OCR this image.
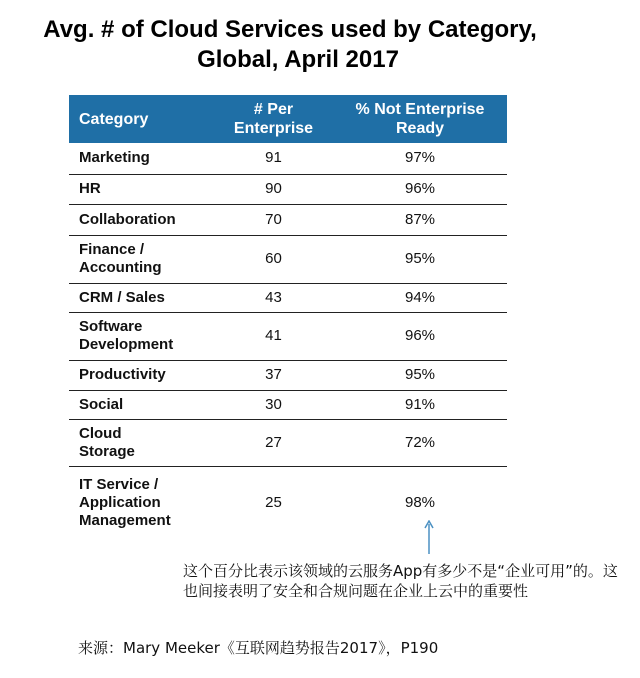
Avg. # of Cloud Services used by Category,
Global, April 2017
Category	# Per Enterprise	% Not Enterprise Ready
Marketing	91	97%
HR	90	96%
Collaboration	70	87%
Finance / Accounting	60	95%
CRM / Sales	43	94%
Software Development	41	96%
Productivity	37	95%
Social	30	91%
Cloud Storage	27	72%
IT Service / Application Management	25	98%
这个百分比表示该领域的云服务App有多少不是“企业可用”的。这也间接表明了安全和合规问题在企业上云中的重要性
来源：Mary Meeker《互联网趋势报告2017》，P190
